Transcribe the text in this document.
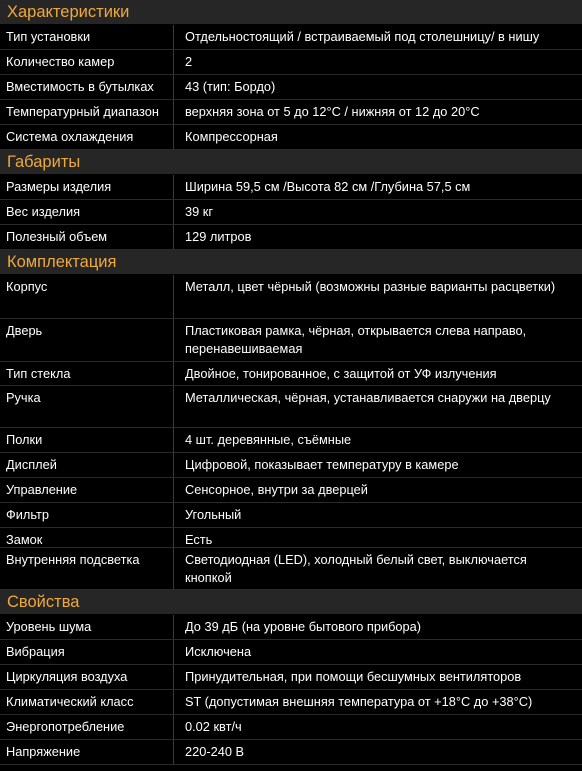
Характеристики
Тип установки	Отдельностоящий / встраиваемый под столешницу/ в нишу
Количество камер	2
Вместимость в бутылках	43 (тип: Бордо)
Температурный диапазон	верхняя зона от 5 до 12°C / нижняя от 12 до 20°C
Система охлаждения	Компрессорная
Габариты
Размеры изделия	Ширина 59,5 см /Высота 82 см /Глубина 57,5 см
Вес изделия	39 кг
Полезный объем	129 литров
Комплектация
Корпус	Металл, цвет чёрный (возможны разные варианты расцветки)
Дверь	Пластиковая рамка, чёрная, открывается слева направо, перенавешиваемая
Тип стекла	Двойное, тонированное, с защитой от УФ излучения
Ручка	Металлическая, чёрная, устанавливается снаружи на дверцу
Полки	4 шт. деревянные, съёмные
Дисплей	Цифровой, показывает температуру в камере
Управление	Сенсорное, внутри за дверцей
Фильтр	Угольный
Замок	Есть
Внутренняя подсветка	Светодиодная (LED), холодный белый свет, выключается кнопкой
Свойства
Уровень шума	До 39 дБ (на уровне бытового прибора)
Вибрация	Исключена
Циркуляция воздуха	Принудительная, при помощи бесшумных вентиляторов
Климатический класс	ST (допустимая внешняя температура от +18°C до +38°C)
Энергопотребление	0.02 квт/ч
Напряжение	220-240 В
